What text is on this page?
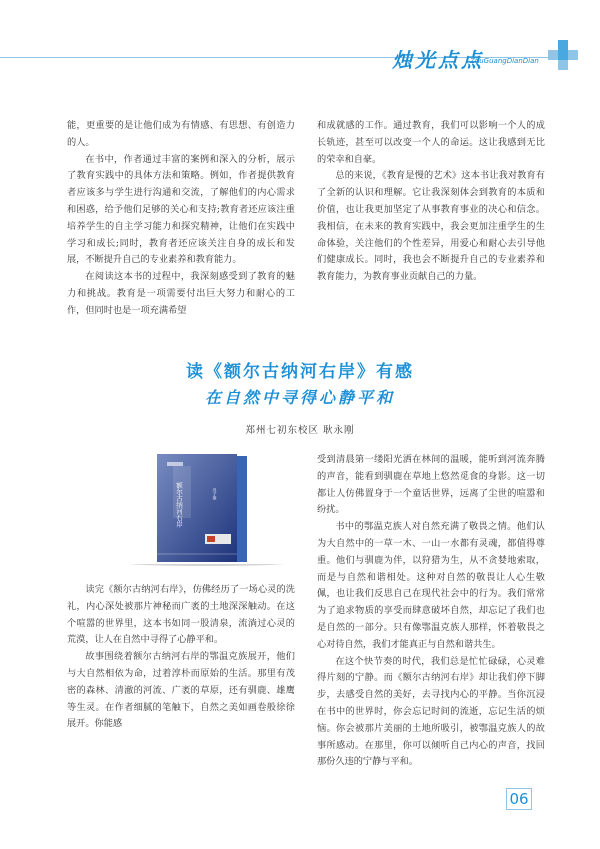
烛光点点
ZhuGuangDianDian

能，更重要的是让他们成为有情感、有思想、有创造力的人。

在书中，作者通过丰富的案例和深入的分析，展示了教育实践中的具体方法和策略。例如，作者提供教育者应该多与学生进行沟通和交流，了解他们的内心需求和困惑，给予他们足够的关心和支持;教育者还应该注重培养学生的自主学习能力和探究精神，让他们在实践中学习和成长;同时，教育者还应该关注自身的成长和发展，不断提升自己的专业素养和教育能力。

在阅读这本书的过程中，我深刻感受到了教育的魅力和挑战。教育是一项需要付出巨大努力和耐心的工作，但同时也是一项充满希望

和成就感的工作。通过教育，我们可以影响一个人的成长轨迹，甚至可以改变一个人的命运。这让我感到无比的荣幸和自豪。

总的来说，《教育是慢的艺术》这本书让我对教育有了全新的认识和理解。它让我深刻体会到教育的本质和价值，也让我更加坚定了从事教育事业的决心和信念。我相信，在未来的教育实践中，我会更加注重学生的生命体验，关注他们的个性差异，用爱心和耐心去引导他们健康成长。同时，我也会不断提升自己的专业素养和教育能力，为教育事业贡献自己的力量。

读《额尔古纳河右岸》有感
在自然中寻得心静平和
郑州七初东校区 耿永刚
额尔古纳河右岸	迟子建

读完《额尔古纳河右岸》，仿佛经历了一场心灵的洗礼，内心深处被那片神秘而广袤的土地深深触动。在这个喧嚣的世界里，这本书如同一股清泉，流淌过心灵的荒漠，让人在自然中寻得了心静平和。

故事围绕着额尔古纳河右岸的鄂温克族展开，他们与大自然相依为命，过着淳朴而原始的生活。那里有茂密的森林、清澈的河流、广袤的草原，还有驯鹿、雄鹰等生灵。在作者细腻的笔触下，自然之美如画卷般徐徐展开。你能感

受到清晨第一缕阳光洒在林间的温暖，能听到河流奔腾的声音，能看到驯鹿在草地上悠然觅食的身影。这一切都让人仿佛置身于一个童话世界，远离了尘世的喧嚣和纷扰。

书中的鄂温克族人对自然充满了敬畏之情。他们认为大自然中的一草一木、一山一水都有灵魂，都值得尊重。他们与驯鹿为伴，以狩猎为生，从不贪婪地索取，而是与自然和谐相处。这种对自然的敬畏让人心生敬佩，也让我们反思自己在现代社会中的行为。我们常常为了追求物质的享受而肆意破坏自然，却忘记了我们也是自然的一部分。只有像鄂温克族人那样，怀着敬畏之心对待自然，我们才能真正与自然和谐共生。

在这个快节奏的时代，我们总是忙忙碌碌，心灵难得片刻的宁静。而《额尔古纳河右岸》却让我们停下脚步，去感受自然的美好，去寻找内心的平静。当你沉浸在书中的世界时，你会忘记时间的流逝，忘记生活的烦恼。你会被那片美丽的土地所吸引，被鄂温克族人的故事所感动。在那里，你可以倾听自己内心的声音，找回那份久违的宁静与平和。

06
